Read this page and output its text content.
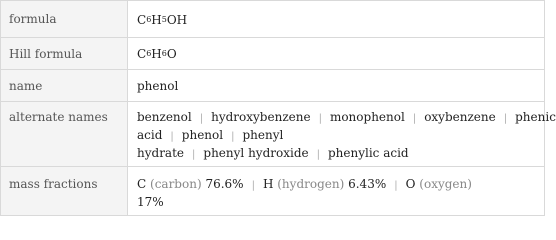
formula	C 6 H 5 OH
Hill formula	C 6 H 6 O
name	phenol
alternate names	benzenol | hydroxybenzene | monophenol | oxybenzene | phenic acid | phenol | phenyl
hydrate | phenyl hydroxide | phenylic acid
mass fractions	C (carbon) 76.6% | H (hydrogen) 6.43% | O (oxygen)
17%
